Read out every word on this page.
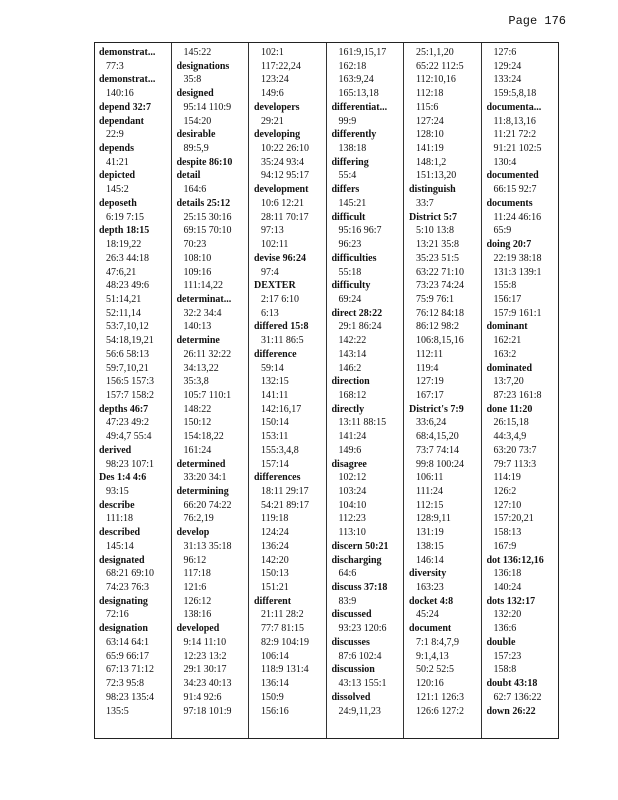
Page 176
demonstrat...
77:3
demonstrat...
140:16
depend 32:7
dependant
22:9
depends
41:21
depicted
145:2
deposeth
6:19 7:15
depth 18:15
18:19,22
26:3 44:18
47:6,21
48:23 49:6
51:14,21
52:11,14
53:7,10,12
54:18,19,21
56:6 58:13
59:7,10,21
156:5 157:3
157:7 158:2
depths 46:7
47:23 49:2
49:4,7 55:4
derived
98:23 107:1
Des 1:4 4:6
93:15
describe
111:18
described
145:14
designated
68:21 69:10
74:23 76:3
designating
72:16
designation
63:14 64:1
65:9 66:17
67:13 71:12
72:3 95:8
98:23 135:4
135:5
145:22
designations
35:8
designed
95:14 110:9
154:20
desirable
89:5,9
despite 86:10
detail
164:6
details 25:12
25:15 30:16
69:15 70:10
70:23
108:10
109:16
111:14,22
determinat...
32:2 34:4
140:13
determine
26:11 32:22
34:13,22
35:3,8
105:7 110:1
148:22
150:12
154:18,22
161:24
determined
33:20 34:1
determining
66:20 74:22
76:2,19
develop
31:13 35:18
96:12
117:18
121:6
126:12
138:16
developed
9:14 11:10
12:23 13:2
29:1 30:17
34:23 40:13
91:4 92:6
97:18 101:9
102:1
117:22,24
123:24
149:6
developers
29:21
developing
10:22 26:10
35:24 93:4
94:12 95:17
development
10:6 12:21
28:11 70:17
97:13
102:11
devise 96:24
97:4
DEXTER
2:17 6:10
6:13
differed 15:8
31:11 86:5
difference
59:14
132:15
141:11
142:16,17
150:14
153:11
155:3,4,8
157:14
differences
18:11 29:17
54:21 89:17
119:18
124:24
136:24
142:20
150:13
151:21
different
21:11 28:2
77:7 81:15
82:9 104:19
106:14
118:9 131:4
136:14
150:9
156:16
161:9,15,17
162:18
163:9,24
165:13,18
differentiat...
99:9
differently
138:18
differing
55:4
differs
145:21
difficult
95:16 96:7
96:23
difficulties
55:18
difficulty
69:24
direct 28:22
29:1 86:24
142:22
143:14
146:2
direction
168:12
directly
13:11 88:15
141:24
149:6
disagree
102:12
103:24
104:10
112:23
113:10
discern 50:21
discharging
64:6
discuss 37:18
83:9
discussed
93:23 120:6
discusses
87:6 102:4
discussion
43:13 155:1
dissolved
24:9,11,23
25:1,1,20
65:22 112:5
112:10,16
112:18
115:6
127:24
128:10
141:19
148:1,2
151:13,20
distinguish
33:7
District 5:7
5:10 13:8
13:21 35:8
35:23 51:5
63:22 71:10
73:23 74:24
75:9 76:1
76:12 84:18
86:12 98:2
106:8,15,16
112:11
119:4
127:19
167:17
District's 7:9
33:6,24
68:4,15,20
73:7 74:14
99:8 100:24
106:11
111:24
112:15
128:9,11
131:19
138:15
146:14
diversity
163:23
docket 4:8
45:24
document
7:1 8:4,7,9
9:1,4,13
50:2 52:5
120:16
121:1 126:3
126:6 127:2
127:6
129:24
133:24
159:5,8,18
documenta...
11:8,13,16
11:21 72:2
91:21 102:5
130:4
documented
66:15 92:7
documents
11:24 46:16
65:9
doing 20:7
22:19 38:18
131:3 139:1
155:8
156:17
157:9 161:1
dominant
162:21
163:2
dominated
13:7,20
87:23 161:8
done 11:20
26:15,18
44:3,4,9
63:20 73:7
79:7 113:3
114:19
126:2
127:10
157:20,21
158:13
167:9
dot 136:12,16
136:18
140:24
dots 132:17
132:20
136:6
double
157:23
158:8
doubt 43:18
62:7 136:22
down 26:22
